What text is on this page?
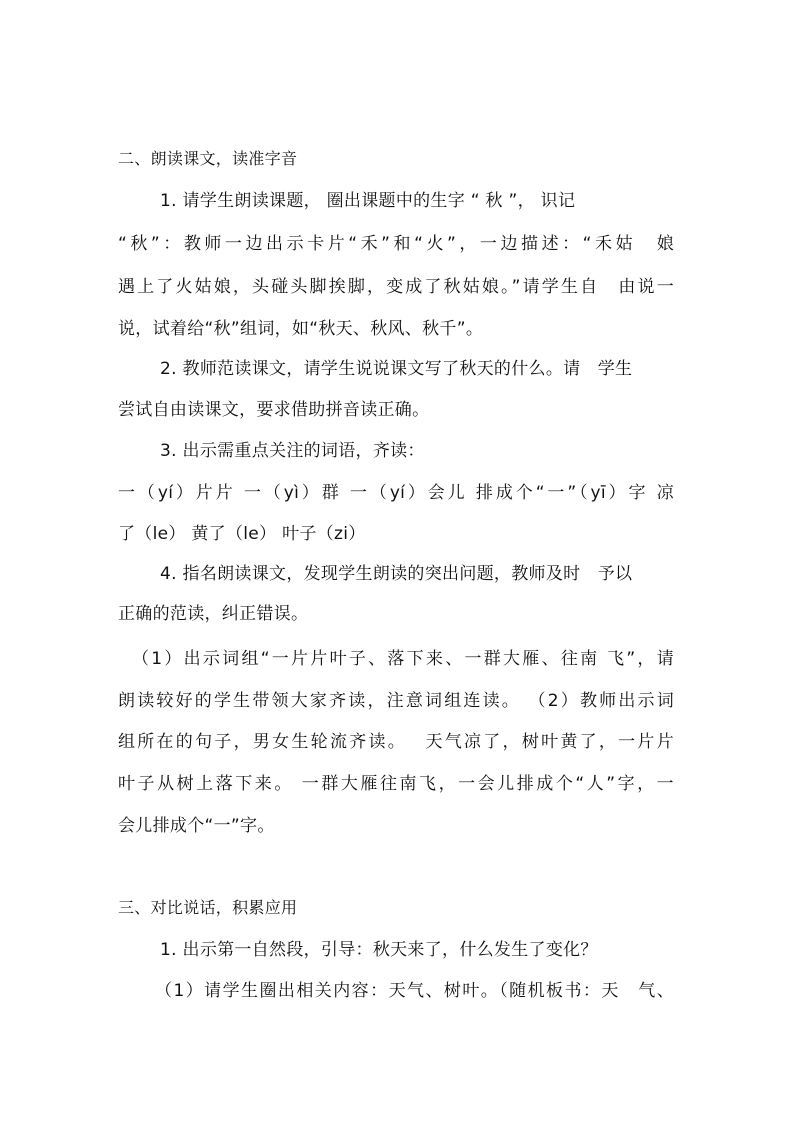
二、朗读课文，读准字音
1. 请学生朗读课题， 圈出课题中的生字 “ 秋 ”， 识记
“秋”：教师一边出示卡片“禾”和“火”，一边描述：“禾姑　娘
遇上了火姑娘，头碰头脚挨脚，变成了秋姑娘。”请学生自　由说一
说，试着给“秋”组词，如“秋天、秋风、秋千”。
2. 教师范读课文，请学生说说课文写了秋天的什么。请　学生
尝试自由读课文，要求借助拼音读正确。
3. 出示需重点关注的词语，齐读：
一（yí）片片 一（yì）群 一（yí）会儿 排成个“一”（yī）字 凉
了（le） 黄了（le） 叶子（zi）
4. 指名朗读课文，发现学生朗读的突出问题，教师及时　予以
正确的范读，纠正错误。
（1）出示词组“一片片叶子、落下来、一群大雁、往南 飞”，请
朗读较好的学生带领大家齐读，注意词组连读。 （2）教师出示词
组所在的句子，男女生轮流齐读。　 天气凉了，树叶黄了，一片片
叶子从树上落下来。 一群大雁往南飞，一会儿排成个“人”字，一
会儿排成个“一”字。
三、对比说话，积累应用
1. 出示第一自然段，引导：秋天来了，什么发生了变化？
（1）请学生圈出相关内容：天气、树叶。（随机板书：天　气、
